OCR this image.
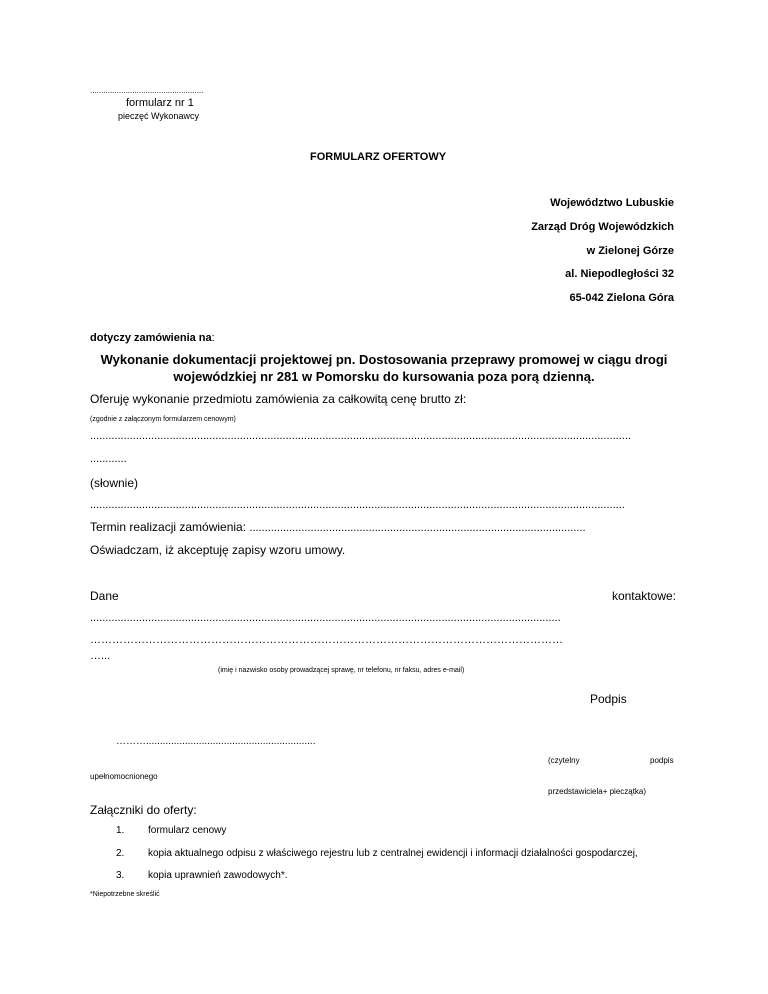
...................................................
formularz nr 1
pieczęć Wykonawcy
FORMULARZ OFERTOWY
Województwo Lubuskie
Zarząd Dróg Wojewódzkich
w Zielonej Górze
al. Niepodległości 32
65-042 Zielona Góra
dotyczy zamówienia na:
Wykonanie dokumentacji projektowej pn. Dostosowania przeprawy promowej w ciągu drogi
wojewódzkiej nr 281 w Pomorsku do kursowania poza porą dzienną.
Oferuję wykonanie przedmiotu zamówienia za całkowitą cenę brutto zł:
(zgodnie z załączonym formularzem cenowym)
.................................................................................................................................................................................
............
(słownie)
...............................................................................................................................................................................
Termin realizacji zamówienia: ..............................................................................................................
Oświadczam, iż akceptuję zapisy wzoru umowy.
Dane	kontaktowe:
..........................................................................................................................................................
…………………………………………………………………………………………………………………
…...
(imię i nazwisko osoby prowadzącej sprawę, nr telefonu, nr faksu, adres e-mail)
Podpis
……….............................................................
(czytelny	podpis
upełnomocnionego
przedstawiciela+ pieczątka)
Załączniki do oferty:
1. formularz cenowy
2. kopia aktualnego odpisu z właściwego rejestru lub z centralnej ewidencji i informacji działalności gospodarczej,
3. kopia uprawnień zawodowych*.
*Niepotrzebne skreślić
